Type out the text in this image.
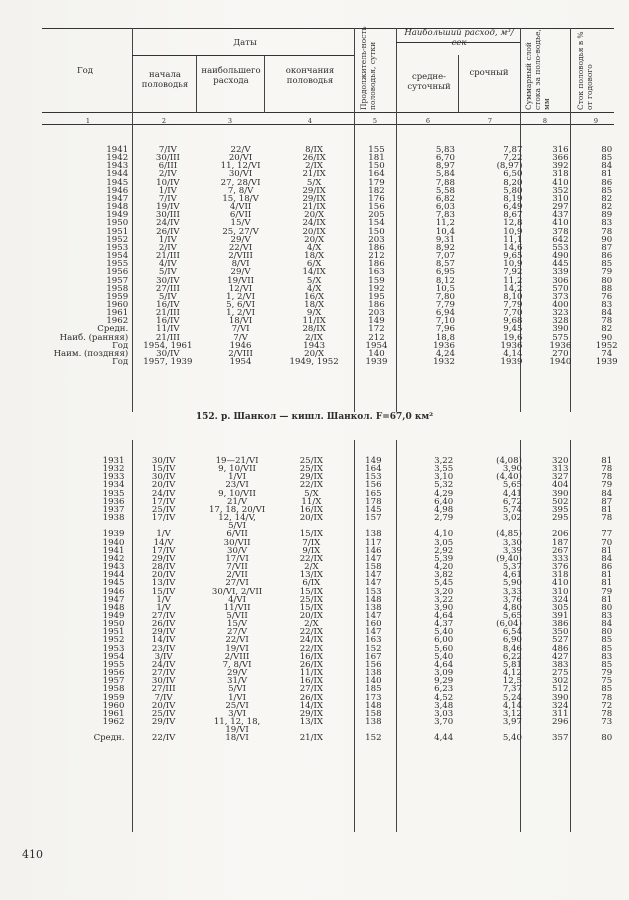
Год
Даты
начала половодья
наибольшего расхода
окончания половодья
Наибольший расход, м³/сек
средне-суточный
срочный
Продолжитель-ность половодья, сутки	Суммарный слой стока за поло-водье, мм	Сток половодья в % от годового
1	2	3	4	5	6	7	8	9
1941	7/IV	22/V	8/IX	155	5,83	7,87	316	80
1942	30/III	20/VI	26/IX	181	6,70	7,22	366	85
1943	6/III	11, 12/VI	2/IX	150	8,97	(8,97)	392	84
1944	2/IV	30/VI	21/IX	164	5,84	6,50	318	81
1945	10/IV	27, 28/VI	5/X	179	7,88	8,20	410	86
1946	1/IV	7, 8/V	29/IX	182	5,58	5,80	352	85
1947	7/IV	15, 18/V	29/IX	176	6,82	8,19	310	82
1948	19/IV	4/VII	21/IX	156	6,03	6,49	297	82
1949	30/III	6/VII	20/X	205	7,83	8,67	437	89
1950	24/IV	15/V	24/IX	154	11,2	12,8	410	83
1951	26/IV	25, 27/V	20/IX	150	10,4	10,9	378	78
1952	1/IV	29/V	20/X	203	9,31	11,1	642	90
1953	2/IV	22/VI	4/X	186	8,92	14,6	553	87
1954	21/III	2/VIII	18/X	212	7,07	9,65	490	86
1955	4/IV	8/VI	6/X	186	8,57	10,9	445	85
1956	5/IV	29/V	14/IX	163	6,95	7,92	339	79
1957	30/IV	19/VII	5/X	159	8,12	11,2	306	80
1958	27/III	12/VI	4/X	192	10,5	14,2	570	88
1959	5/IV	1, 2/VI	16/X	195	7,80	8,10	373	76
1960	16/IV	5, 6/VI	18/X	186	7,79	7,79	400	83
1961	21/III	1, 2/VI	9/X	203	6,94	7,70	323	84
1962	16/IV	18/VI	11/IX	149	7,10	9,68	328	78
Средн.	11/IV	7/VI	28/IX	172	7,96	9,45	390	82
Наиб. (ранняя)	21/III	7/V	2/IX	212	18,8	19,6	575	90
Год	1954, 1961	1946	1943	1954	1936	1936	1936	1952
Наим. (поздняя)	30/IV	2/VIII	20/X	140	4,24	4,14	270	74
Год	1957, 1939	1954	1949, 1952	1939	1932	1939	1940	1939
152. р. Шанкол — кишл. Шанкол. F=67,0 км²
1931	30/IV	19—21/VI	25/IX	149	3,22	(4,08)	320	81
1932	15/IV	9, 10/VII	25/IX	164	3,55	3,90	313	78
1933	30/IV	1/VI	29/IX	153	3,10	(4,40)	327	78
1934	20/IV	23/VI	22/IX	156	5,32	5,65	404	79
1935	24/IV	9, 10/VII	5/X	165	4,29	4,41	390	84
1936	17/IV	21/V	11/X	178	6,40	6,72	502	87
1937	25/IV	17, 18, 20/VI	16/IX	145	4,98	5,74	395	81
1938	17/IV	12, 14/V,	20/IX	157	2,79	3,02	295	78
		5/VI						
1939	1/V	6/VII	15/IX	138	4,10	(4,85)	206	77
1940	14/V	30/VII	7/IX	117	3,05	3,30	187	70
1941	17/IV	30/V	9/IX	146	2,92	3,39	267	81
1942	29/IV	17/VI	22/IX	147	5,39	(9,40)	333	84
1943	28/IV	7/VII	2/X	158	4,20	5,37	376	86
1944	20/IV	2/VII	13/IX	147	3,82	4,61	318	81
1945	13/IV	27/VI	6/IX	147	5,45	5,90	410	81
1946	15/IV	30/VI, 2/VII	15/IX	153	3,20	3,33	310	79
1947	1/V	4/VI	25/IX	148	3,22	3,76	324	81
1948	1/V	11/VII	15/IX	138	3,90	4,80	305	80
1949	27/IV	5/VII	20/IX	147	4,64	5,65	391	83
1950	26/IV	15/V	2/X	160	4,37	(6,04)	386	84
1951	29/IV	27/V	22/IX	147	5,40	6,54	350	80
1952	14/IV	22/VI	24/IX	163	6,00	6,90	527	85
1953	23/IV	19/VI	22/IX	152	5,60	8,46	486	85
1954	3/IV	2/VIII	16/IX	167	5,40	6,22	427	83
1955	24/IV	7, 8/VI	26/IX	156	4,64	5,81	383	85
1956	27/IV	29/V	11/IX	138	3,09	4,12	275	79
1957	30/IV	31/V	16/IX	140	9,29	12,5	302	75
1958	27/III	5/VI	27/IX	185	6,23	7,37	512	85
1959	7/IV	1/VI	26/IX	173	4,52	5,24	390	78
1960	20/IV	25/VI	14/IX	148	3,48	4,14	324	72
1961	25/IV	3/VI	29/IX	158	3,03	3,12	311	78
1962	29/IV	11, 12, 18,	13/IX	138	3,70	3,97	296	73
		19/VI						
Средн.	22/IV	18/VI	21/IX	152	4,44	5,40	357	80
410
